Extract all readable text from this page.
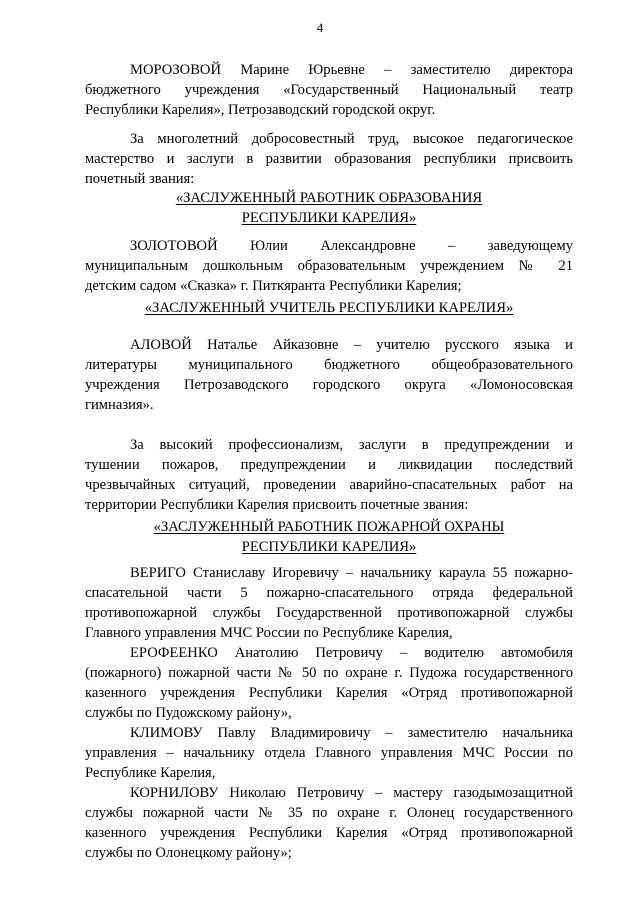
4
МОРОЗОВОЙ Марине Юрьевне – заместителю директора
бюджетного учреждения «Государственный Национальный театр
Республики Карелия», Петрозаводский городской округ.
За многолетний добросовестный труд, высокое педагогическое
мастерство и заслуги в развитии образования республики присвоить
почетный звания:
«ЗАСЛУЖЕННЫЙ РАБОТНИК ОБРАЗОВАНИЯ
РЕСПУБЛИКИ КАРЕЛИЯ»
ЗОЛОТОВОЙ Юлии Александровне – заведующему
муниципальным дошкольным образовательным учреждением № 21
детским садом «Сказка» г. Питкяранта Республики Карелия;
«ЗАСЛУЖЕННЫЙ УЧИТЕЛЬ РЕСПУБЛИКИ КАРЕЛИЯ»
АЛОВОЙ Наталье Айказовне – учителю русского языка и
литературы муниципального бюджетного общеобразовательного
учреждения Петрозаводского городского округа «Ломоносовская
гимназия».
За высокий профессионализм, заслуги в предупреждении и
тушении пожаров, предупреждении и ликвидации последствий
чрезвычайных ситуаций, проведении аварийно-спасательных работ на
территории Республики Карелия присвоить почетные звания:
«ЗАСЛУЖЕННЫЙ РАБОТНИК ПОЖАРНОЙ ОХРАНЫ
РЕСПУБЛИКИ КАРЕЛИЯ»
ВЕРИГО Станиславу Игоревичу – начальнику караула 55 пожарно-
спасательной части 5 пожарно-спасательного отряда федеральной
противопожарной службы Государственной противопожарной службы
Главного управления МЧС России по Республике Карелия,
ЕРОФЕЕНКО Анатолию Петровичу – водителю автомобиля
(пожарного) пожарной части № 50 по охране г. Пудожа государственного
казенного учреждения Республики Карелия «Отряд противопожарной
службы по Пудожскому району»,
КЛИМОВУ Павлу Владимировичу – заместителю начальника
управления – начальнику отдела Главного управления МЧС России по
Республике Карелия,
КОРНИЛОВУ Николаю Петровичу – мастеру газодымозащитной
службы пожарной части № 35 по охране г. Олонец государственного
казенного учреждения Республики Карелия «Отряд противопожарной
службы по Олонецкому району»;
